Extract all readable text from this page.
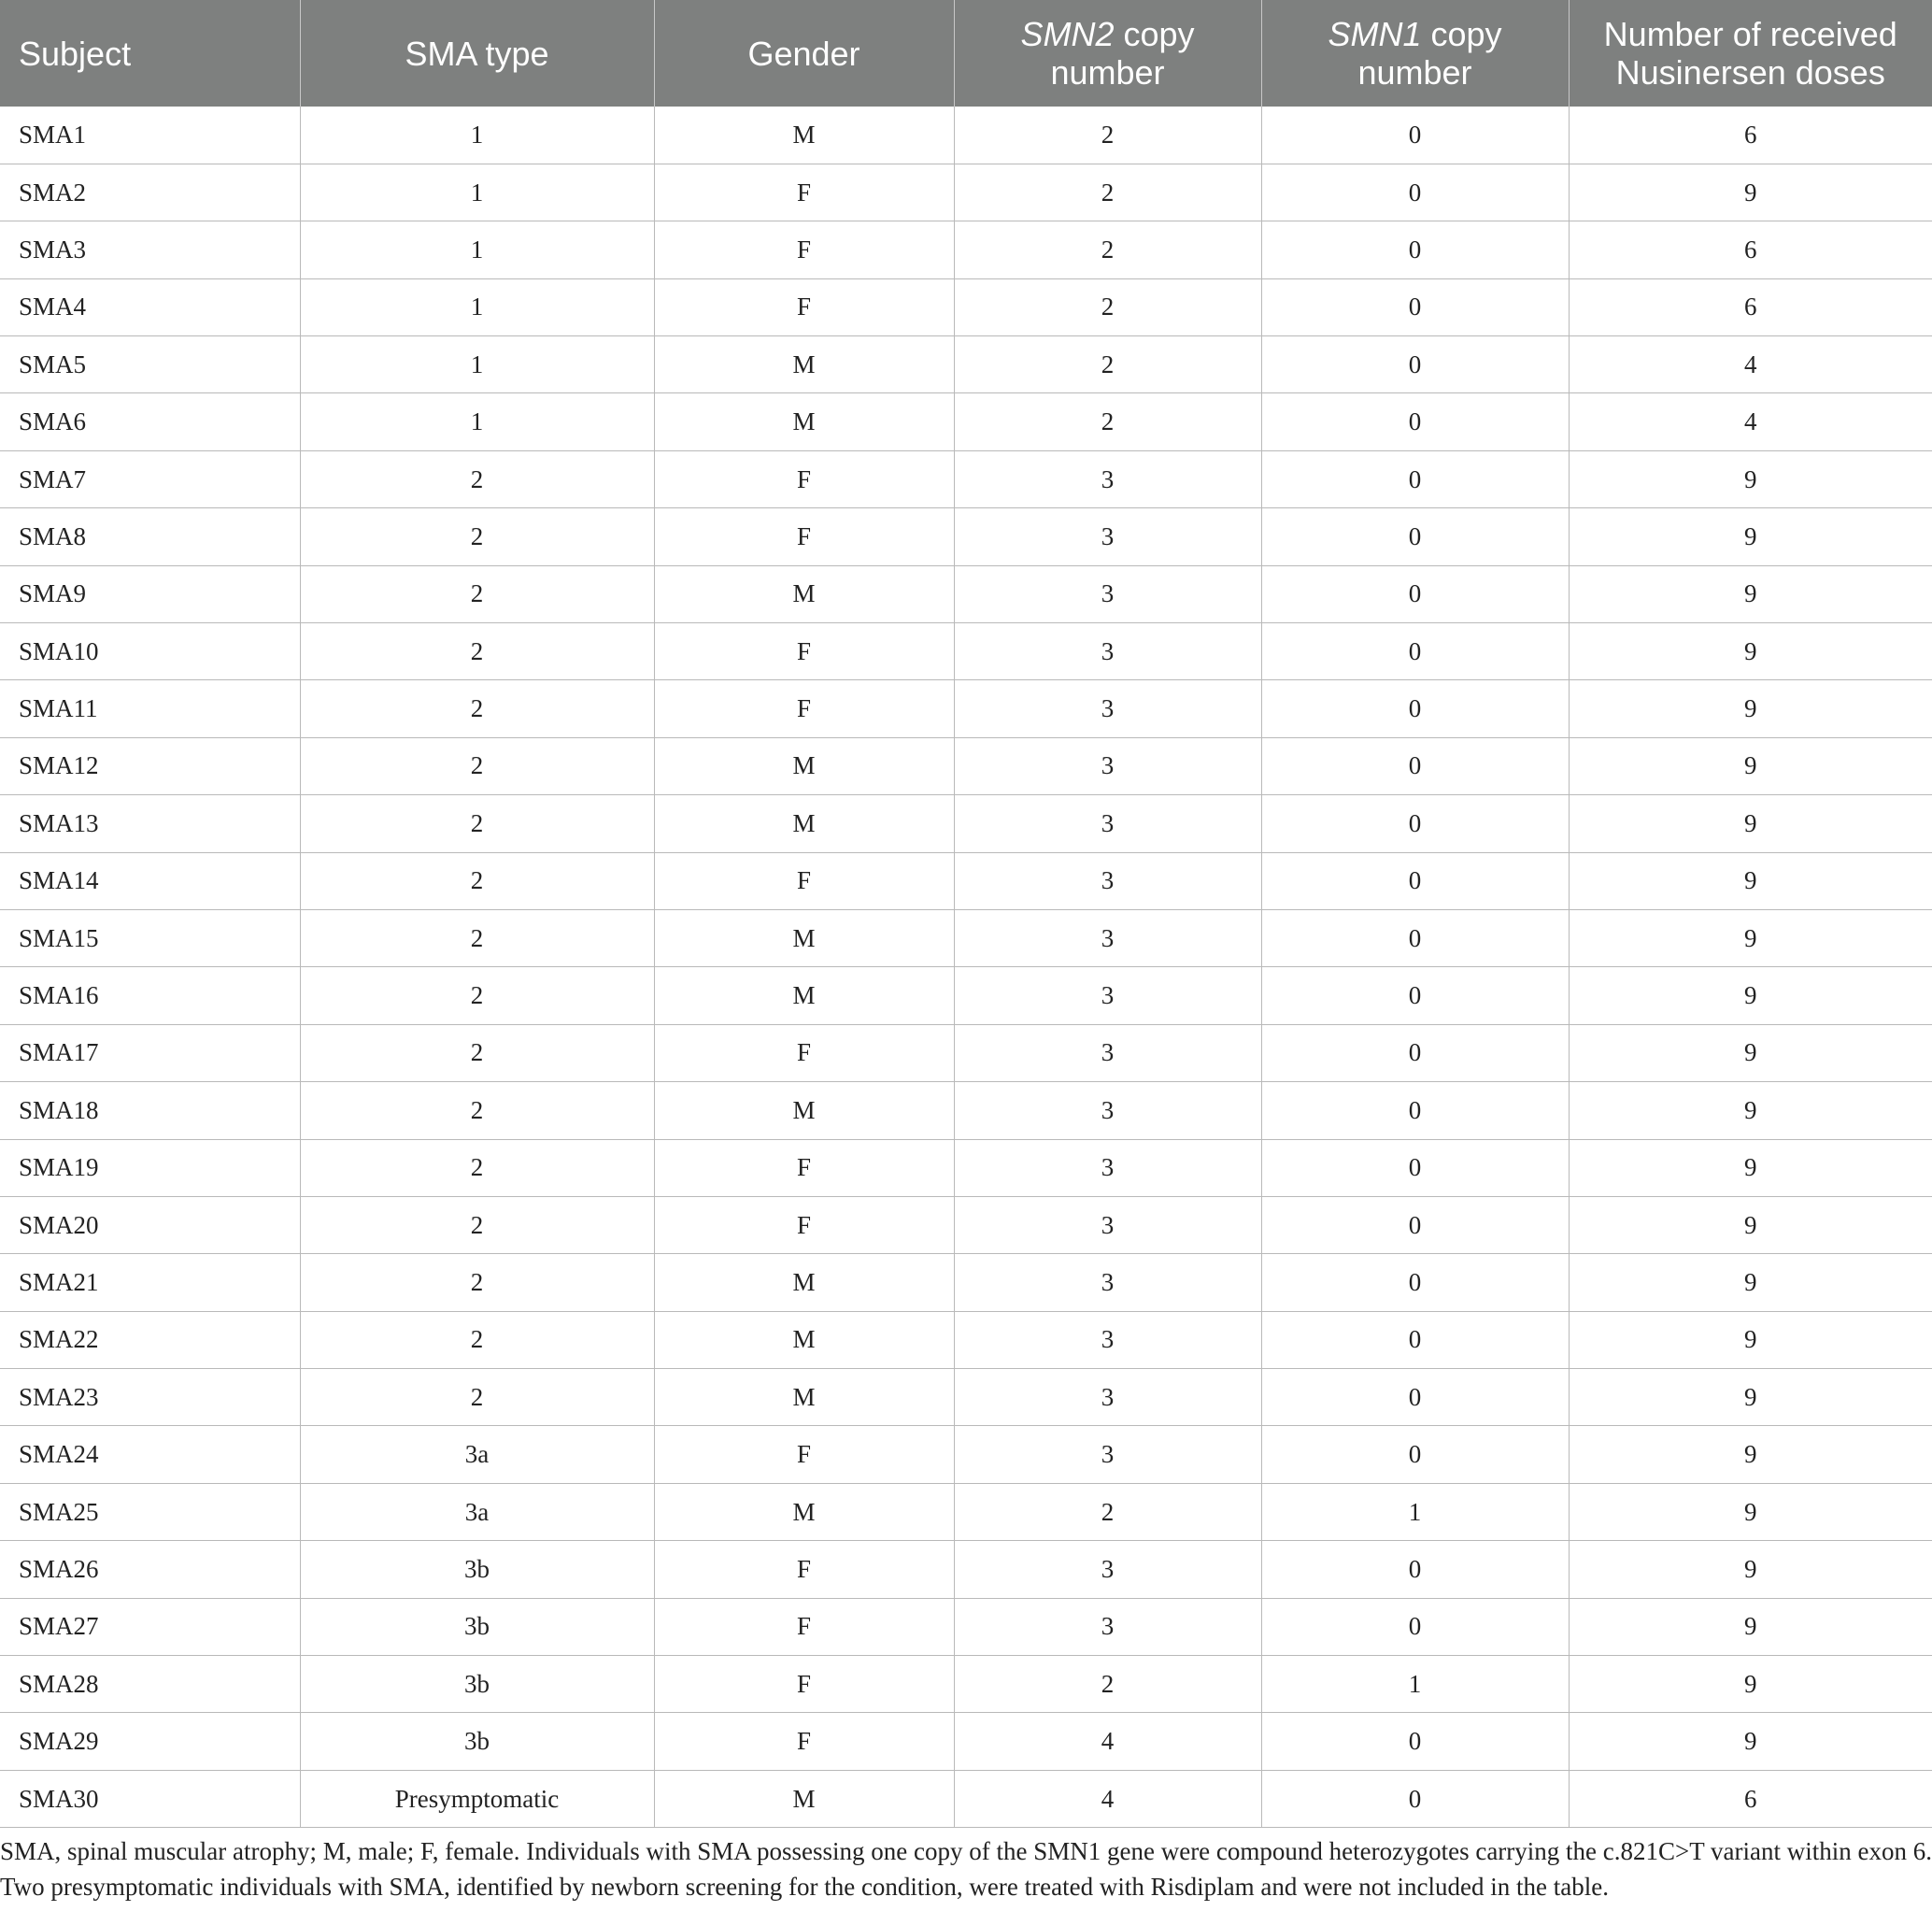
Subject	SMA type	Gender	SMN2 copy number	SMN1 copy number	Number of received Nusinersen doses
SMA1	1	M	2	0	6
SMA2	1	F	2	0	9
SMA3	1	F	2	0	6
SMA4	1	F	2	0	6
SMA5	1	M	2	0	4
SMA6	1	M	2	0	4
SMA7	2	F	3	0	9
SMA8	2	F	3	0	9
SMA9	2	M	3	0	9
SMA10	2	F	3	0	9
SMA11	2	F	3	0	9
SMA12	2	M	3	0	9
SMA13	2	M	3	0	9
SMA14	2	F	3	0	9
SMA15	2	M	3	0	9
SMA16	2	M	3	0	9
SMA17	2	F	3	0	9
SMA18	2	M	3	0	9
SMA19	2	F	3	0	9
SMA20	2	F	3	0	9
SMA21	2	M	3	0	9
SMA22	2	M	3	0	9
SMA23	2	M	3	0	9
SMA24	3a	F	3	0	9
SMA25	3a	M	2	1	9
SMA26	3b	F	3	0	9
SMA27	3b	F	3	0	9
SMA28	3b	F	2	1	9
SMA29	3b	F	4	0	9
SMA30	Presymptomatic	M	4	0	6

SMA, spinal muscular atrophy; M, male; F, female. Individuals with SMA possessing one copy of the SMN1 gene were compound heterozygotes carrying the c.821C>T variant within exon 6.
Two presymptomatic individuals with SMA, identified by newborn screening for the condition, were treated with Risdiplam and were not included in the table.
